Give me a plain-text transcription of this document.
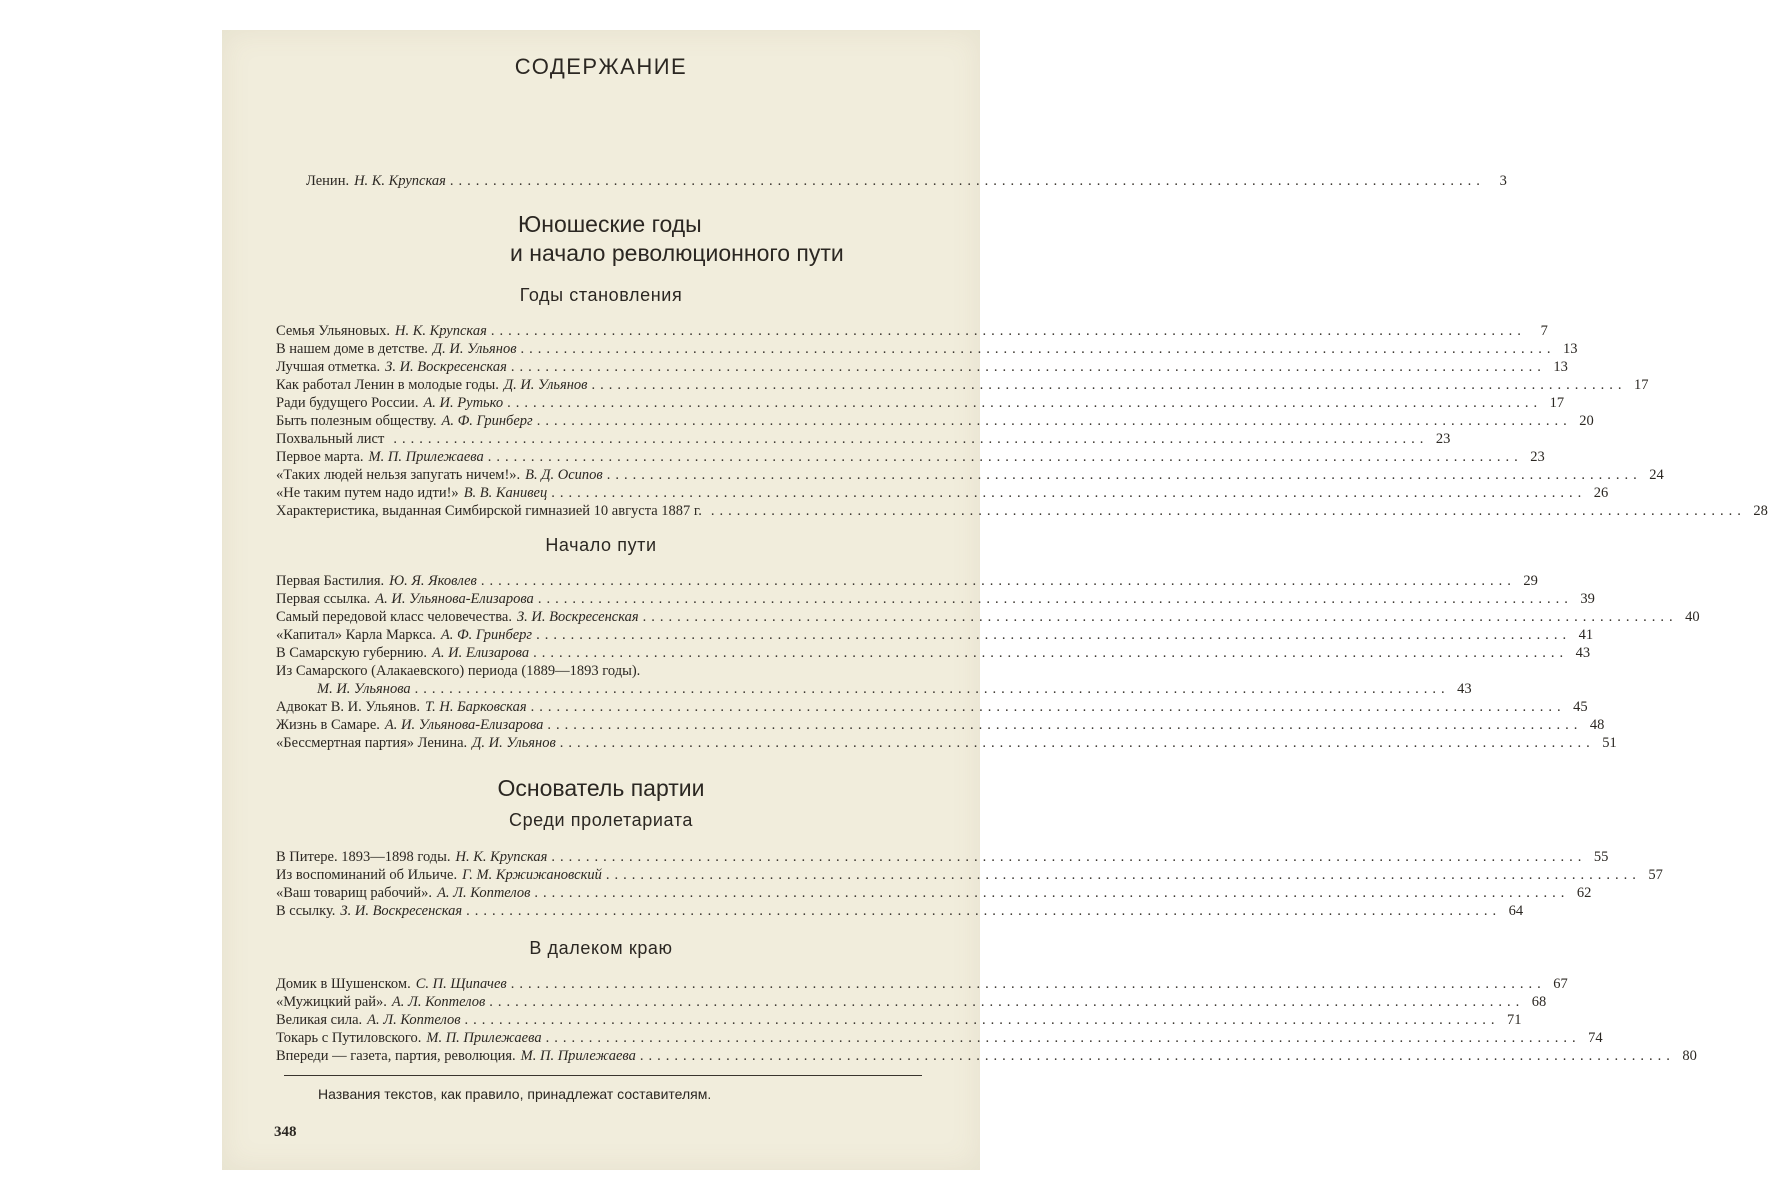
СОДЕРЖАНИЕ
Ленин. Н. К. Крупская ........................................................................................................................	3
Юношеские годы
и начало революционного пути
Годы становления
Семья Ульяновых. Н. К. Крупская ........................................................................................................................	7
В нашем доме в детстве. Д. И. Ульянов ........................................................................................................................ 13
Лучшая отметка. З. И. Воскресенская ........................................................................................................................ 13
Как работал Ленин в молодые годы. Д. И. Ульянов ........................................................................................................................ 17
Ради будущего России. А. И. Рутько ........................................................................................................................ 17
Быть полезным обществу. А. Ф. Гринберг ........................................................................................................................ 20
Похвальный лист ........................................................................................................................ 23
Первое марта. М. П. Прилежаева ........................................................................................................................ 23
«Таких людей нельзя запугать ничем!». В. Д. Осипов ........................................................................................................................ 24
«Не таким путем надо идти!» В. В. Канивец ........................................................................................................................ 26
Характеристика, выданная Симбирской гимназией 10 августа 1887 г. ........................................................................................................................ 28
Начало пути
Первая Бастилия. Ю. Я. Яковлев ........................................................................................................................ 29
Первая ссылка. А. И. Ульянова-Елизарова ........................................................................................................................ 39
Самый передовой класс человечества. З. И. Воскресенская ........................................................................................................................ 40
«Капитал» Карла Маркса. А. Ф. Гринберг ........................................................................................................................ 41
В Самарскую губернию. А. И. Елизарова ........................................................................................................................ 43
Из Самарского (Алакаевского) периода (1889—1893 годы).
М. И. Ульянова ........................................................................................................................ 43
Адвокат В. И. Ульянов. Т. Н. Барковская ........................................................................................................................ 45
Жизнь в Самаре. А. И. Ульянова-Елизарова ........................................................................................................................ 48
«Бессмертная партия» Ленина. Д. И. Ульянов ........................................................................................................................ 51
Основатель партии
Среди пролетариата
В Питере. 1893—1898 годы. Н. К. Крупская ........................................................................................................................ 55
Из воспоминаний об Ильиче. Г. М. Кржижановский ........................................................................................................................ 57
«Ваш товарищ рабочий». А. Л. Коптелов ........................................................................................................................ 62
В ссылку. З. И. Воскресенская ........................................................................................................................ 64
В далеком краю
Домик в Шушенском. С. П. Щипачев ........................................................................................................................ 67
«Мужицкий рай». А. Л. Коптелов ........................................................................................................................ 68
Великая сила. А. Л. Коптелов ........................................................................................................................ 71
Токарь с Путиловского. М. П. Прилежаева ........................................................................................................................ 74
Впереди — газета, партия, революция. М. П. Прилежаева ........................................................................................................................ 80
Названия текстов, как правило, принадлежат составителям.
348
